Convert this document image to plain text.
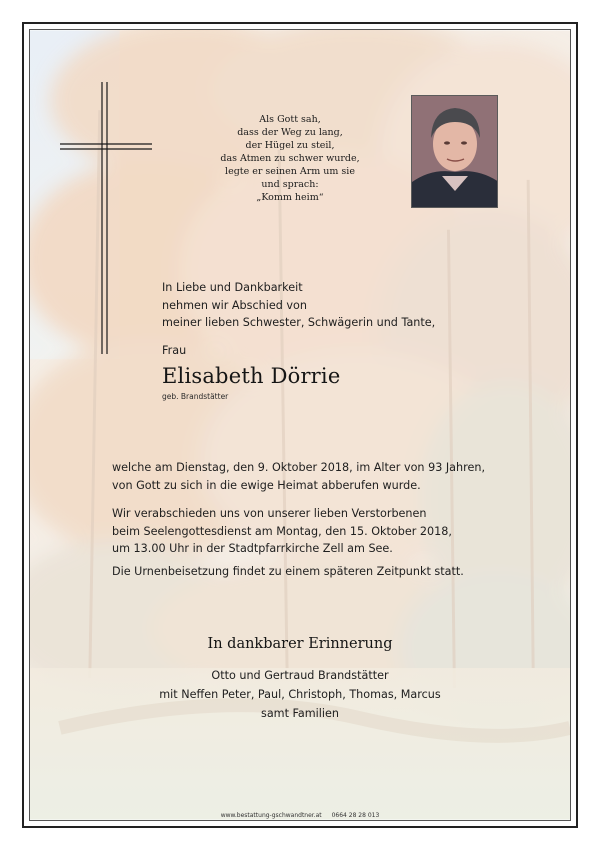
Als Gott sah,
dass der Weg zu lang,
der Hügel zu steil,
das Atmen zu schwer wurde,
legte er seinen Arm um sie
und sprach:
„Komm heim“
In Liebe und Dankbarkeit
nehmen wir Abschied von
meiner lieben Schwester, Schwägerin und Tante,
Frau
Elisabeth Dörrie
geb. Brandstätter
welche am Dienstag, den 9. Oktober 2018, im Alter von 93 Jahren,
von Gott zu sich in die ewige Heimat abberufen wurde.
Wir verabschieden uns von unserer lieben Verstorbenen
beim Seelengottesdienst am Montag, den 15. Oktober 2018,
um 13.00 Uhr in der Stadtpfarrkirche Zell am See.
Die Urnenbeisetzung findet zu einem späteren Zeitpunkt statt.
In dankbarer Erinnerung
Otto und Gertraud Brandstätter
mit Neffen Peter, Paul, Christoph, Thomas, Marcus
samt Familien
www.bestattung-gschwandtner.at 0664 28 28 013
